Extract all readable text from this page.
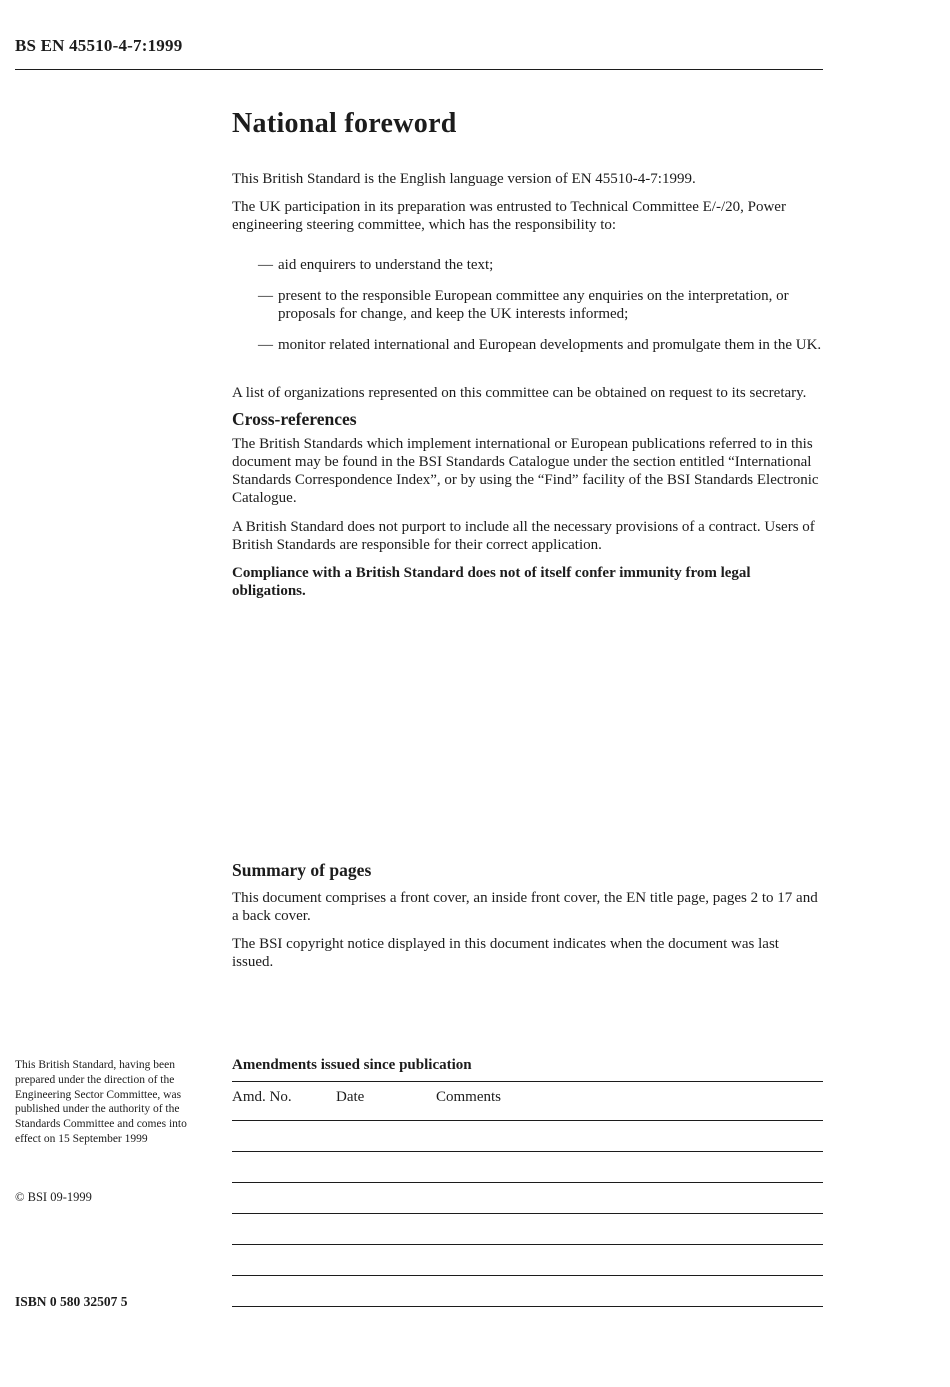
BS EN 45510-4-7:1999
National foreword

This British Standard is the English language version of EN 45510-4-7:1999.

The UK participation in its preparation was entrusted to Technical Committee E/-/20, Power engineering steering committee, which has the responsibility to:

— aid enquirers to understand the text;
— present to the responsible European committee any enquiries on the interpretation, or proposals for change, and keep the UK interests informed;
— monitor related international and European developments and promulgate them in the UK.

A list of organizations represented on this committee can be obtained on request to its secretary.

Cross-references

The British Standards which implement international or European publications referred to in this document may be found in the BSI Standards Catalogue under the section entitled “International Standards Correspondence Index”, or by using the “Find” facility of the BSI Standards Electronic Catalogue.

A British Standard does not purport to include all the necessary provisions of a contract. Users of British Standards are responsible for their correct application.

Compliance with a British Standard does not of itself confer immunity from legal obligations.

Summary of pages

This document comprises a front cover, an inside front cover, the EN title page, pages 2 to 17 and a back cover.

The BSI copyright notice displayed in this document indicates when the document was last issued.

This British Standard, having been prepared under the direction of the Engineering Sector Committee, was published under the authority of the Standards Committee and comes into effect on 15 September 1999
© BSI 09-1999
ISBN 0 580 32507 5
Amendments issued since publication
Amd. No.	Date	Comments
